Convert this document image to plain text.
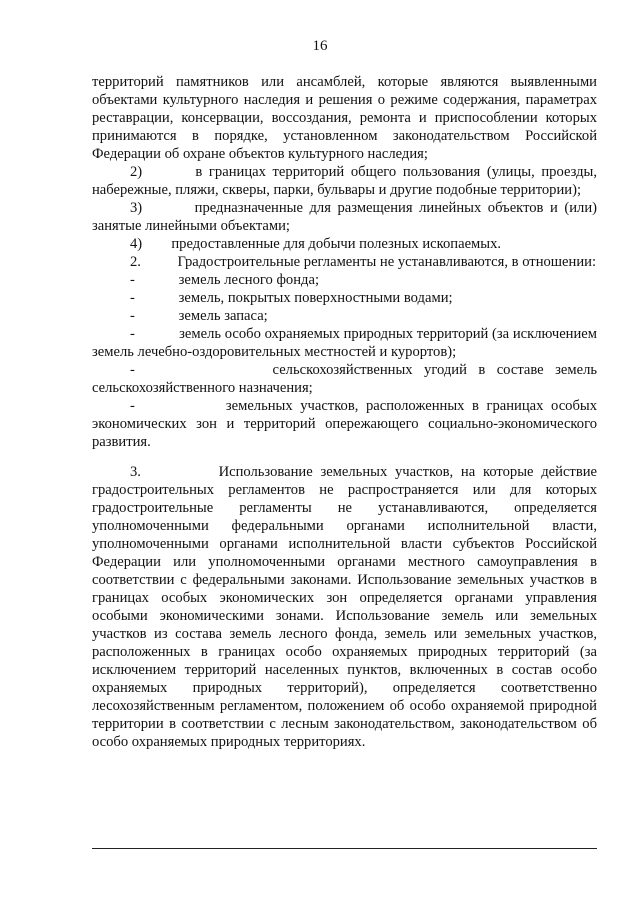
16

территорий памятников или ансамблей, которые являются выявленными объектами культурного наследия и решения о режиме содержания, параметрах реставрации, консервации, воссоздания, ремонта и приспособлении которых принимаются в порядке, установленном законодательством Российской Федерации об охране объектов культурного наследия;

2)	в границах территорий общего пользования (улицы, проезды, набережные, пляжи, скверы, парки, бульвары и другие подобные территории);

3)	предназначенные для размещения линейных объектов и (или) занятые линейными объектами;

4) предоставленные для добычи полезных ископаемых.

2. Градостроительные регламенты не устанавливаются, в отношении:

-	земель лесного фонда;

-	земель, покрытых поверхностными водами;

-	земель запаса;

-	земель особо охраняемых природных территорий (за исключением земель лечебно-оздоровительных местностей и курортов);

-	сельскохозяйственных угодий в составе земель сельскохозяйственного назначения;

-	земельных участков, расположенных в границах особых экономических зон и территорий опережающего социально-экономического развития.

3.	Использование земельных участков, на которые действие градостроительных регламентов не распространяется или для которых градостроительные регламенты не устанавливаются, определяется уполномоченными федеральными органами исполнительной власти, уполномоченными органами исполнительной власти субъектов Российской Федерации или уполномоченными органами местного самоуправления в соответствии с федеральными законами. Использование земельных участков в границах особых экономических зон определяется органами управления особыми экономическими зонами. Использование земель или земельных участков из состава земель лесного фонда, земель или земельных участков, расположенных в границах особо охраняемых природных территорий (за исключением территорий населенных пунктов, включенных в состав особо охраняемых природных территорий), определяется соответственно лесохозяйственным регламентом, положением об особо охраняемой природной территории в соответствии с лесным законодательством, законодательством об особо охраняемых природных территориях.
